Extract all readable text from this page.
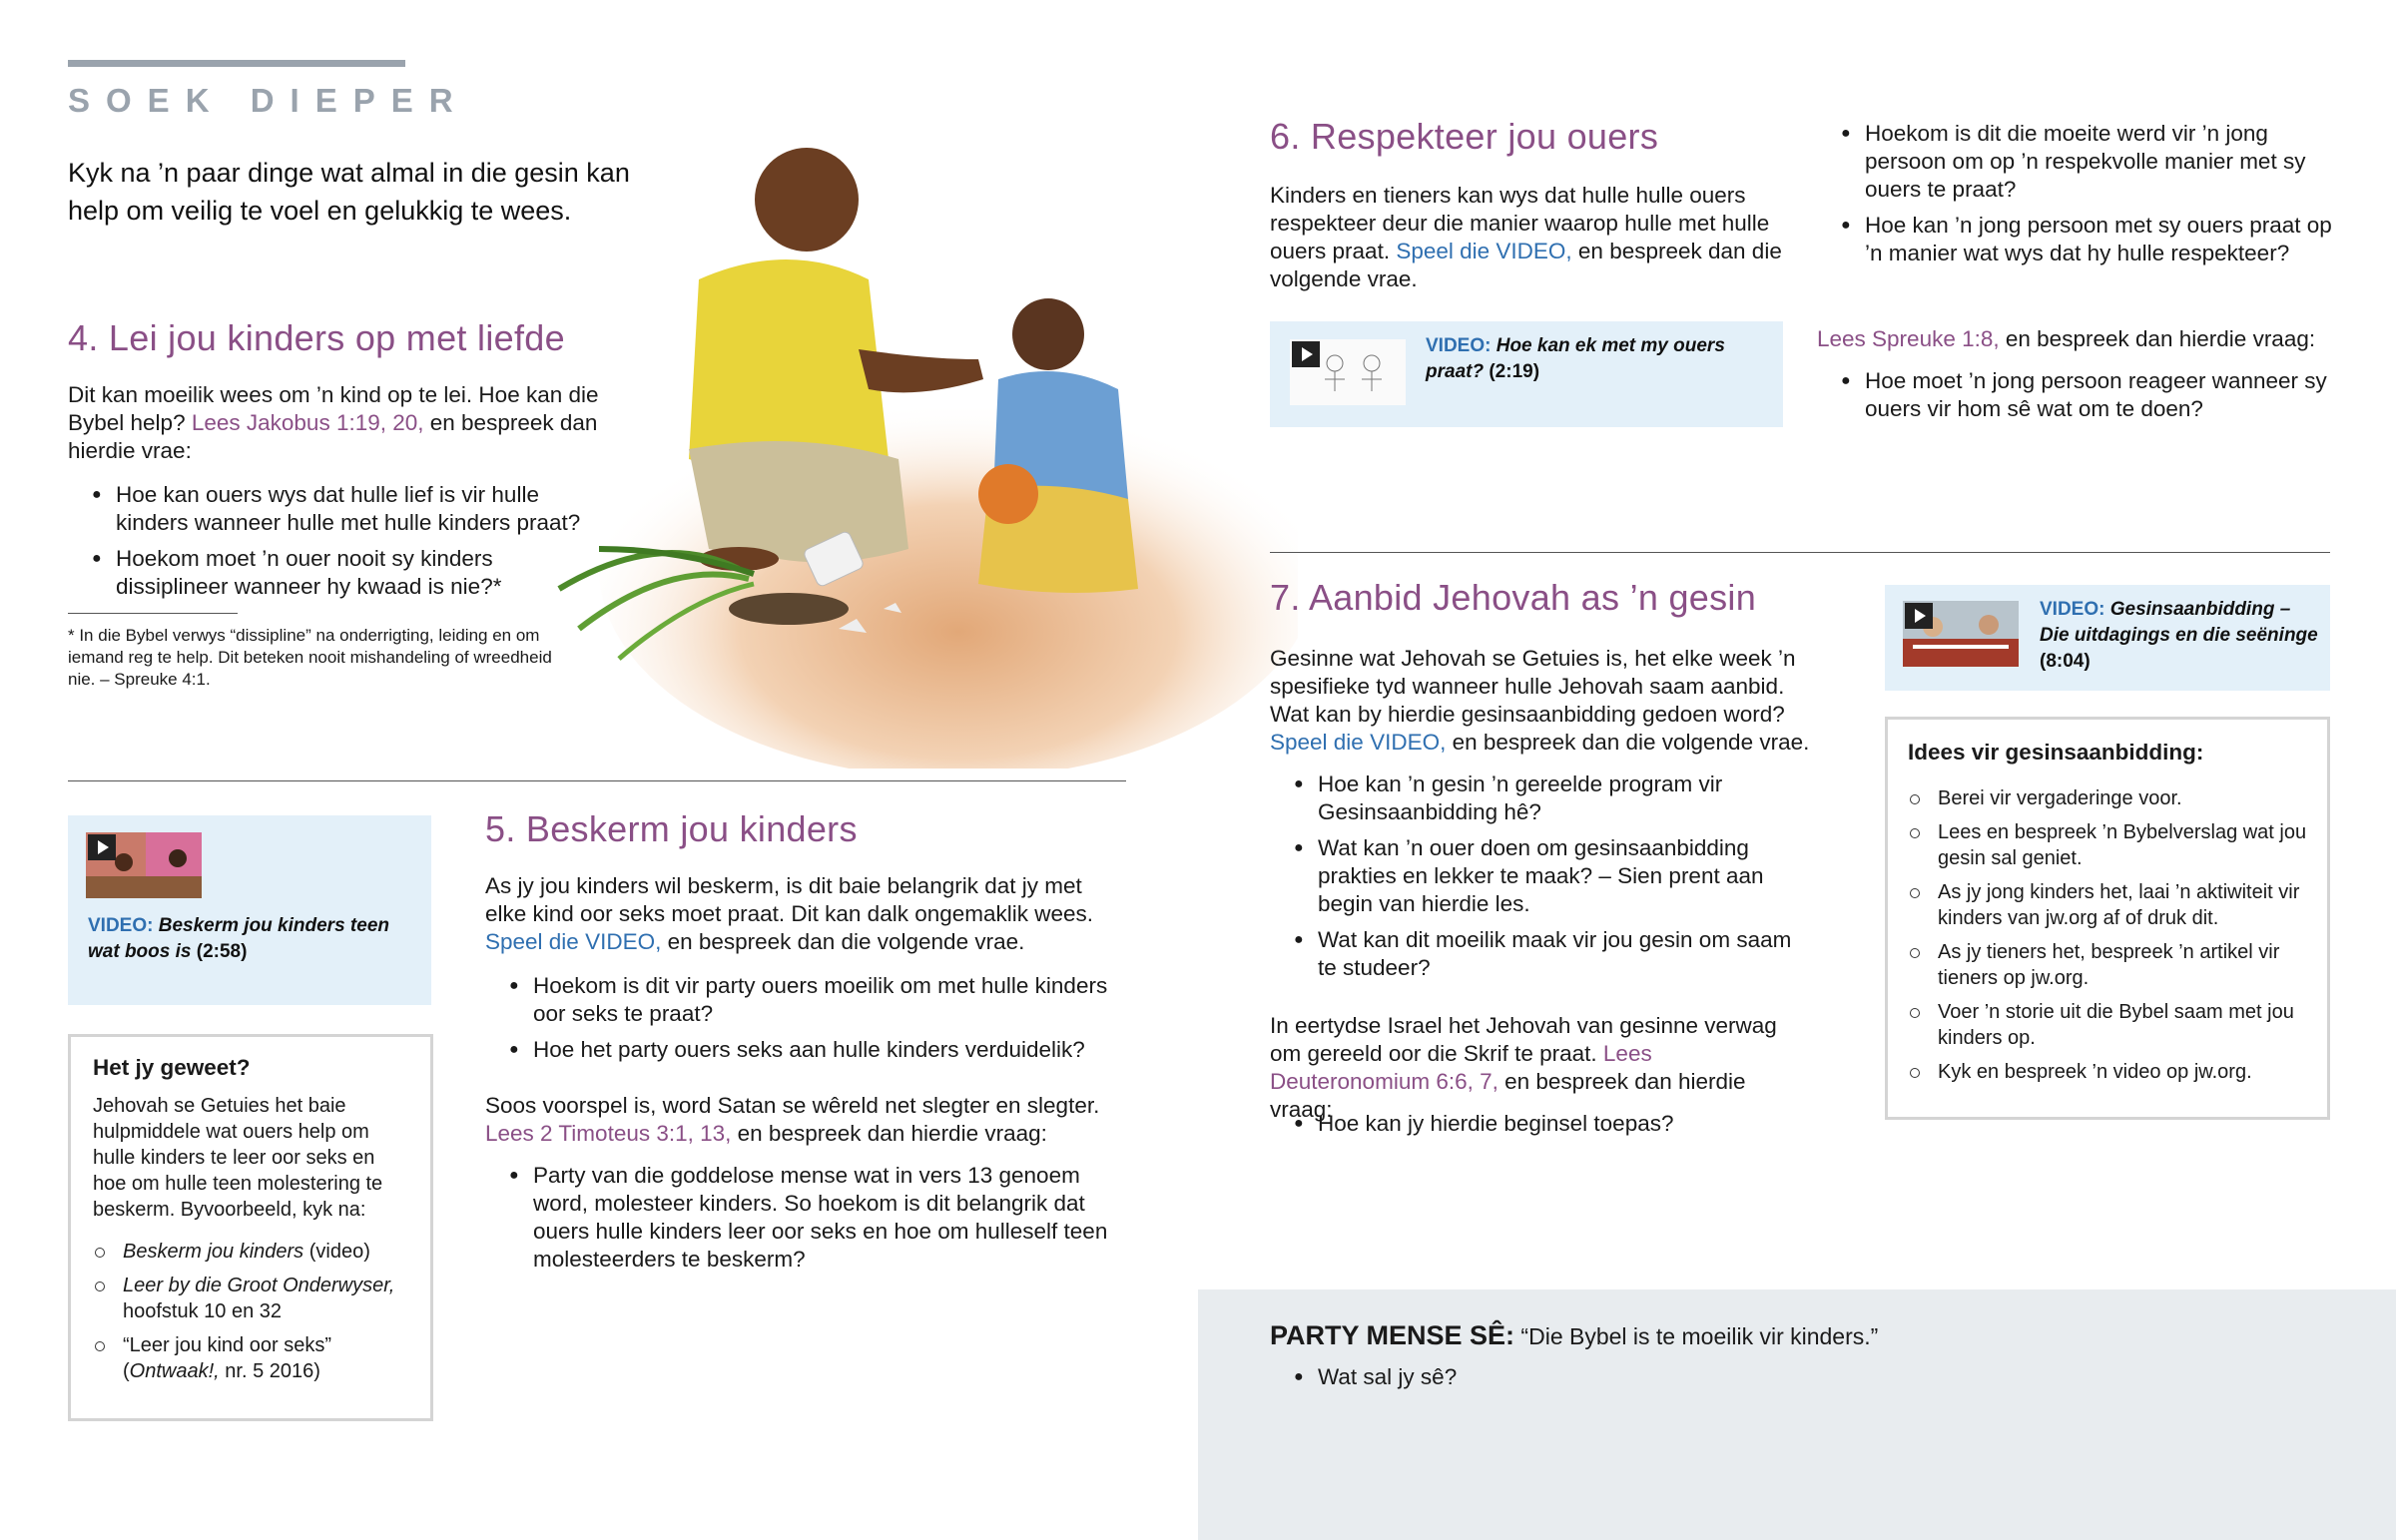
SOEK DIEPER
Kyk na ’n paar dinge wat almal in die gesin kan help om veilig te voel en gelukkig te wees.
4. Lei jou kinders op met liefde

Dit kan moeilik wees om ’n kind op te lei. Hoe kan die Bybel help? Lees Jakobus 1:19, 20, en bespreek dan hierdie vrae:

● Hoe kan ouers wys dat hulle lief is vir hulle kinders wanneer hulle met hulle kinders praat?
● Hoekom moet ’n ouer nooit sy kinders dissiplineer wanneer hy kwaad is nie?*
* In die Bybel verwys “dissipline” na onderrigting, leiding en om iemand reg te help. Dit beteken nooit mishandeling of wreedheid nie. – Spreuke 4:1.
VIDEO: Beskerm jou kinders teen wat boos is (2:58)
Het jy geweet?
Jehovah se Getuies het baie hulpmiddele wat ouers help om hulle kinders te leer oor seks en hoe om hulle teen molestering te beskerm. Byvoorbeeld, kyk na:
Beskerm jou kinders (video)
Leer by die Groot Onderwyser, hoofstuk 10 en 32
“Leer jou kind oor seks” (Ontwaak!, nr. 5 2016)
5. Beskerm jou kinders

As jy jou kinders wil beskerm, is dit baie belangrik dat jy met elke kind oor seks moet praat. Dit kan dalk ongemaklik wees. Speel die VIDEO, en bespreek dan die volgende vrae.

● Hoekom is dit vir party ouers moeilik om met hulle kinders oor seks te praat?
● Hoe het party ouers seks aan hulle kinders verduidelik?

Soos voorspel is, word Satan se wêreld net slegter en slegter. Lees 2 Timoteus 3:1, 13, en bespreek dan hierdie vraag:

● Party van die goddelose mense wat in vers 13 genoem word, molesteer kinders. So hoekom is dit belangrik dat ouers hulle kinders leer oor seks en hoe om hulleself teen molesteerders te beskerm?
6. Respekteer jou ouers

Kinders en tieners kan wys dat hulle hulle ouers respekteer deur die manier waarop hulle met hulle ouers praat. Speel die VIDEO, en bespreek dan die volgende vrae.

VIDEO: Hoe kan ek met my ouers praat? (2:19)
● Hoekom is dit die moeite werd vir ’n jong persoon om op ’n respekvolle manier met sy ouers te praat?
● Hoe kan ’n jong persoon met sy ouers praat op ’n manier wat wys dat hy hulle respekteer?

Lees Spreuke 1:8, en bespreek dan hierdie vraag:

● Hoe moet ’n jong persoon reageer wanneer sy ouers vir hom sê wat om te doen?
7. Aanbid Jehovah as ’n gesin

Gesinne wat Jehovah se Getuies is, het elke week ’n spesifieke tyd wanneer hulle Jehovah saam aanbid. Wat kan by hierdie gesinsaanbidding gedoen word? Speel die VIDEO, en bespreek dan die volgende vrae.

● Hoe kan ’n gesin ’n gereelde program vir Gesinsaanbidding hê?
● Wat kan ’n ouer doen om gesinsaanbidding prakties en lekker te maak? – Sien prent aan begin van hierdie les.
● Wat kan dit moeilik maak vir jou gesin om saam te studeer?

In eertydse Israel het Jehovah van gesinne verwag om gereeld oor die Skrif te praat. Lees Deuteronomium 6:6, 7, en bespreek dan hierdie vraag:

● Hoe kan jy hierdie beginsel toepas?
VIDEO: Gesinsaanbidding – Die uitdagings en die seëninge (8:04)
Idees vir gesinsaanbidding:
Berei vir vergaderinge voor.
Lees en bespreek ’n Bybelverslag wat jou gesin sal geniet.
As jy jong kinders het, laai ’n aktiwiteit vir kinders van jw.org af of druk dit.
As jy tieners het, bespreek ’n artikel vir tieners op jw.org.
Voer ’n storie uit die Bybel saam met jou kinders op.
Kyk en bespreek ’n video op jw.org.
PARTY MENSE SÊ: “Die Bybel is te moeilik vir kinders.”
● Wat sal jy sê?
